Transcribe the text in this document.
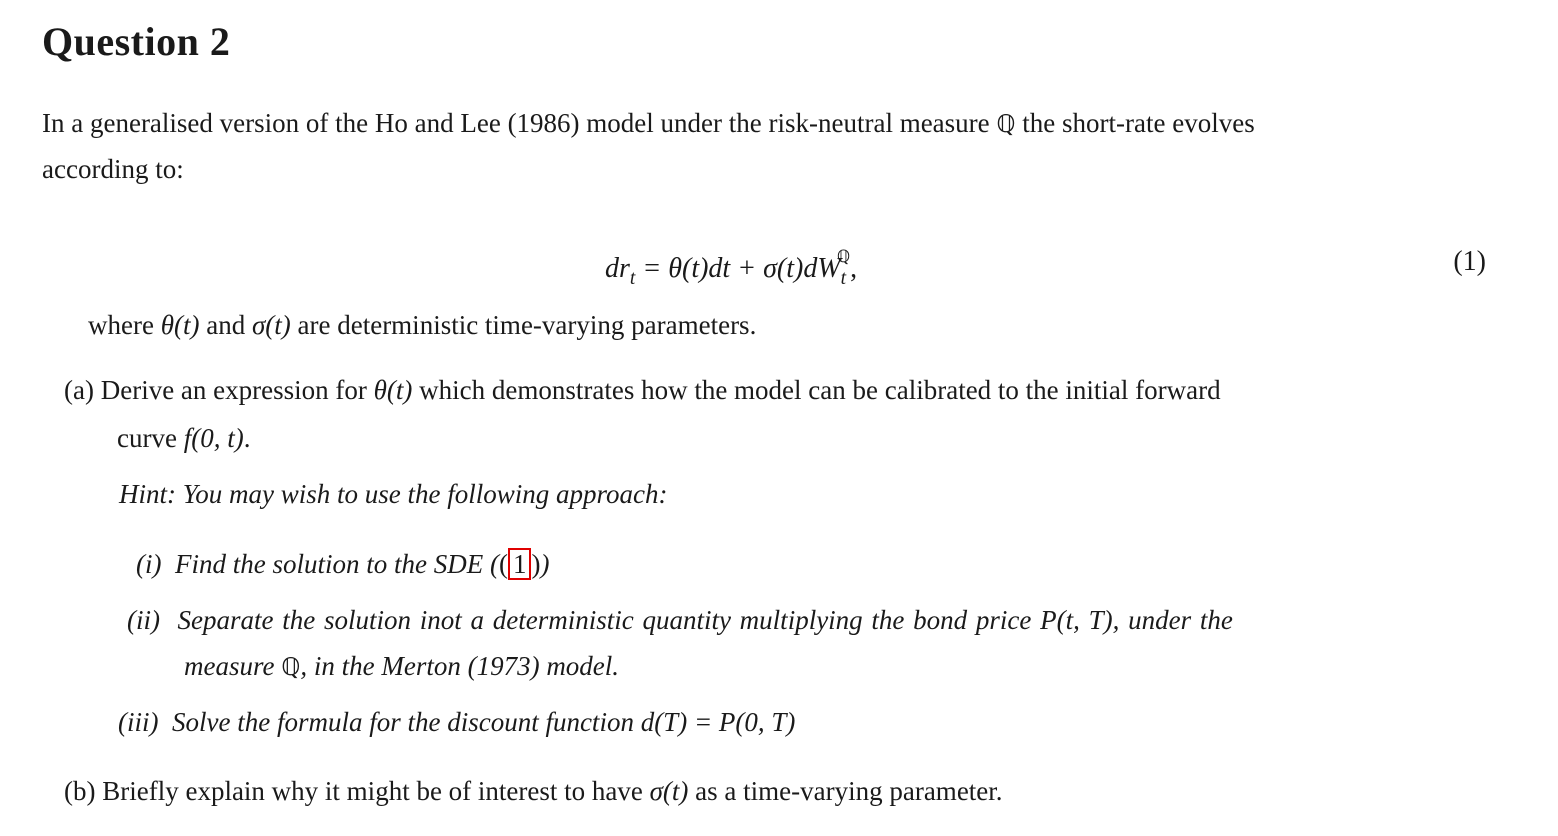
Question 2
In a generalised version of the Ho and Lee (1986) model under the risk-neutral measure ℚ the short-rate evolves
according to:
$dr_t = \theta(t)dt + \sigma(t)dW_t^ℚ$,	(1)
where θ(t) and σ(t) are deterministic time-varying parameters.
(a) Derive an expression for θ(t) which demonstrates how the model can be calibrated to the initial forward
curve f(0, t).
Hint: You may wish to use the following approach:
(i) Find the solution to the SDE (( 1 ))
(ii) Separate the solution inot a deterministic quantity multiplying the bond price P(t, T), under the
measure ℚ, in the Merton (1973) model.
(iii) Solve the formula for the discount function d(T) = P(0, T)
(b) Briefly explain why it might be of interest to have σ(t) as a time-varying parameter.
